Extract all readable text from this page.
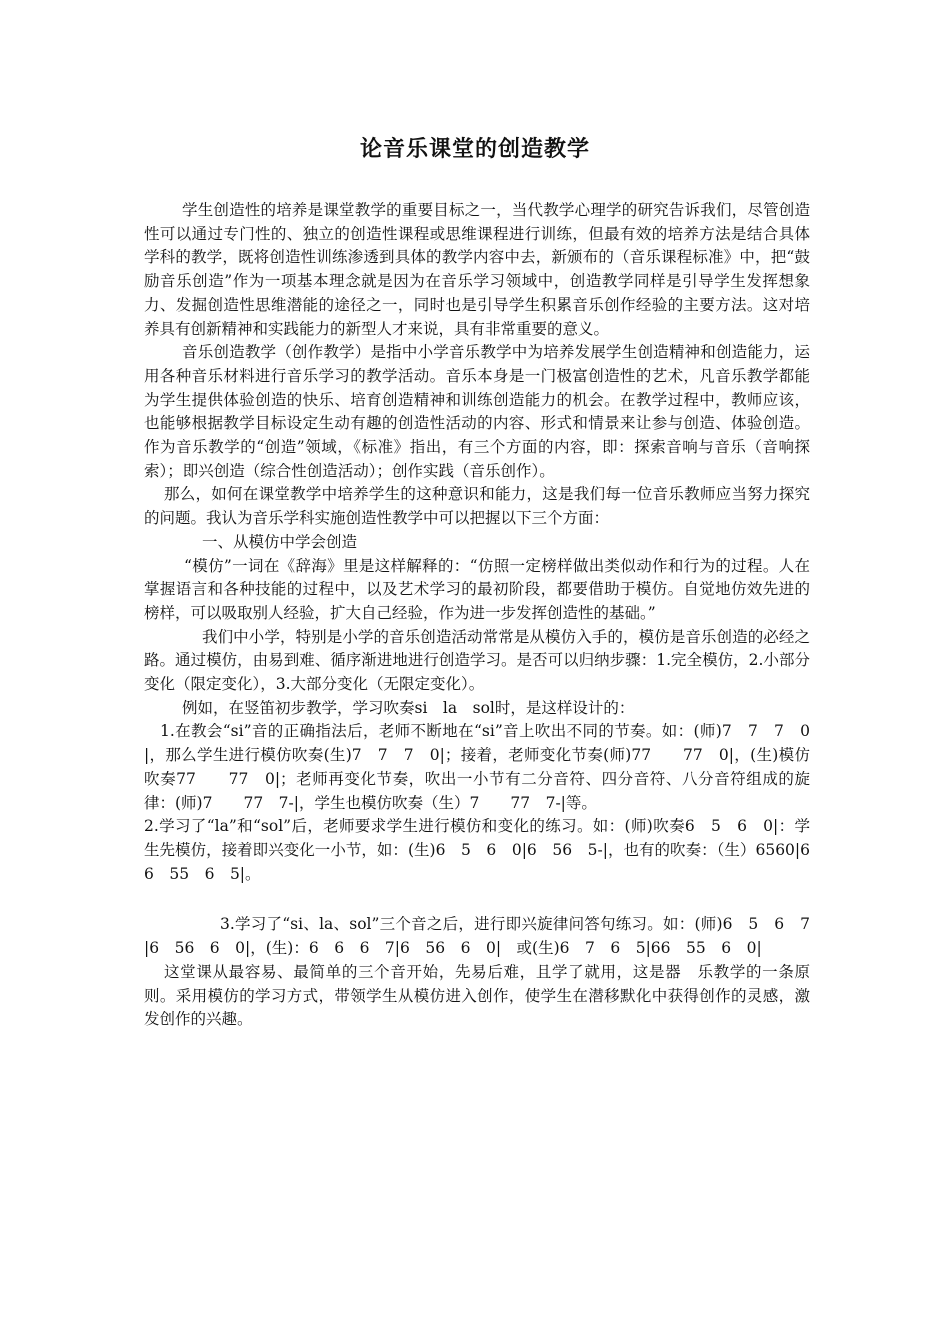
论音乐课堂的创造教学

学生创造性的培养是课堂教学的重要目标之一，当代教学心理学的研究告诉我们，尽管创造性可以通过专门性的、独立的创造性课程或思维课程进行训练，但最有效的培养方法是结合具体学科的教学，既将创造性训练渗透到具体的教学内容中去，新颁布的（音乐课程标准》中，把“鼓励音乐创造”作为一项基本理念就是因为在音乐学习领域中，创造教学同样是引导学生发挥想象力、发掘创造性思维潜能的途径之一，同时也是引导学生积累音乐创作经验的主要方法。这对培养具有创新精神和实践能力的新型人才来说，具有非常重要的意义。

音乐创造教学（创作教学）是指中小学音乐教学中为培养发展学生创造精神和创造能力，运用各种音乐材料进行音乐学习的教学活动。音乐本身是一门极富创造性的艺术，凡音乐教学都能为学生提供体验创造的快乐、培育创造精神和训练创造能力的机会。在教学过程中，教师应该，也能够根据教学目标设定生动有趣的创造性活动的内容、形式和情景来让参与创造、体验创造。作为音乐教学的“创造”领域，《标准》指出，有三个方面的内容，即：探索音响与音乐（音响探索）；即兴创造（综合性创造活动）；创作实践（音乐创作）。

那么，如何在课堂教学中培养学生的这种意识和能力，这是我们每一位音乐教师应当努力探究的问题。我认为音乐学科实施创造性教学中可以把握以下三个方面：

一、从模仿中学会创造

“模仿”一词在《辞海》里是这样解释的：“仿照一定榜样做出类似动作和行为的过程。人在掌握语言和各种技能的过程中，以及艺术学习的最初阶段，都要借助于模仿。自觉地仿效先进的榜样，可以吸取别人经验，扩大自己经验，作为进一步发挥创造性的基础。”

我们中小学，特别是小学的音乐创造活动常常是从模仿入手的，模仿是音乐创造的必经之路。通过模仿，由易到难、循序渐进地进行创造学习。是否可以归纳步骤：1.完全模仿，2.小部分变化（限定变化），3.大部分变化（无限定变化）。

例如，在竖笛初步教学，学习吹奏si　la　sol时，是这样设计的：

1.在教会“si”音的正确指法后，老师不断地在“si”音上吹出不同的节奏。如：(师)7　7　7　0|，那么学生进行模仿吹奏(生)7　7　7　0|；接着，老师变化节奏(师)77　　77　0|，(生)模仿吹奏77　　77　0|；老师再变化节奏，吹出一小节有二分音符、四分音符、八分音符组成的旋律：(师)7　　77　7-|，学生也模仿吹奏（生）7　　77　7-|等。

2.学习了“la”和“sol”后，老师要求学生进行模仿和变化的练习。如：(师)吹奏6　5　6　0|：学生先模仿，接着即兴变化一小节，如：(生)6　5　6　0|6　56　5-|，也有的吹奏：（生）6560|66　55　6　5|。

3.学习了“si、la、sol”三个音之后，进行即兴旋律问答句练习。如：(师)6　5　6　7　|6　56　6　0|，(生)：6　6　6　7|6　56　6　0|　或(生)6　7　6　5|66　55　6　0|

这堂课从最容易、最简单的三个音开始，先易后难，且学了就用，这是器　乐教学的一条原则。采用模仿的学习方式，带领学生从模仿进入创作，使学生在潜移默化中获得创作的灵感，激发创作的兴趣。
